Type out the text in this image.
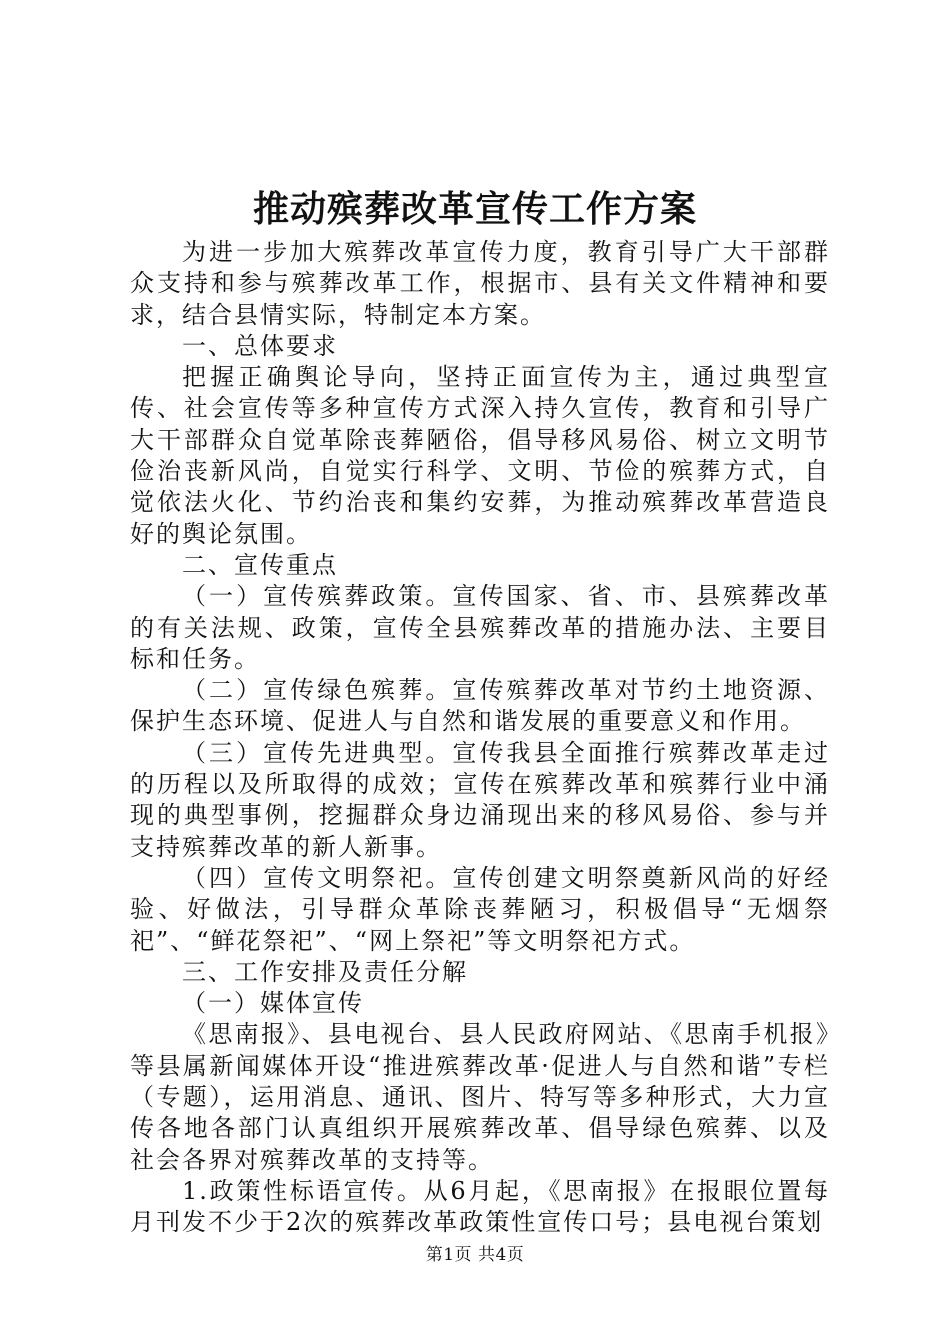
推动殡葬改革宣传工作方案

为进一步加大殡葬改革宣传力度，教育引导广大干部群众支持和参与殡葬改革工作，根据市、县有关文件精神和要求，结合县情实际，特制定本方案。

一、总体要求

把握正确舆论导向，坚持正面宣传为主，通过典型宣传、社会宣传等多种宣传方式深入持久宣传，教育和引导广大干部群众自觉革除丧葬陋俗，倡导移风易俗、树立文明节俭治丧新风尚，自觉实行科学、文明、节俭的殡葬方式，自觉依法火化、节约治丧和集约安葬，为推动殡葬改革营造良好的舆论氛围。

二、宣传重点

（一）宣传殡葬政策。宣传国家、省、市、县殡葬改革的有关法规、政策，宣传全县殡葬改革的措施办法、主要目标和任务。

（二）宣传绿色殡葬。宣传殡葬改革对节约土地资源、保护生态环境、促进人与自然和谐发展的重要意义和作用。

（三）宣传先进典型。宣传我县全面推行殡葬改革走过的历程以及所取得的成效；宣传在殡葬改革和殡葬行业中涌现的典型事例，挖掘群众身边涌现出来的移风易俗、参与并支持殡葬改革的新人新事。

（四）宣传文明祭祀。宣传创建文明祭奠新风尚的好经验、好做法，引导群众革除丧葬陋习，积极倡导“无烟祭祀”、“鲜花祭祀”、“网上祭祀”等文明祭祀方式。

三、工作安排及责任分解

（一）媒体宣传

《思南报》、县电视台、县人民政府网站、《思南手机报》等县属新闻媒体开设“推进殡葬改革·促进人与自然和谐”专栏（专题），运用消息、通讯、图片、特写等多种形式，大力宣传各地各部门认真组织开展殡葬改革、倡导绿色殡葬、以及社会各界对殡葬改革的支持等。

1.政策性标语宣传。从6月起，《思南报》在报眼位置每月刊发不少于2次的殡葬改革政策性宣传口号；县电视台策划

第1页 共4页
